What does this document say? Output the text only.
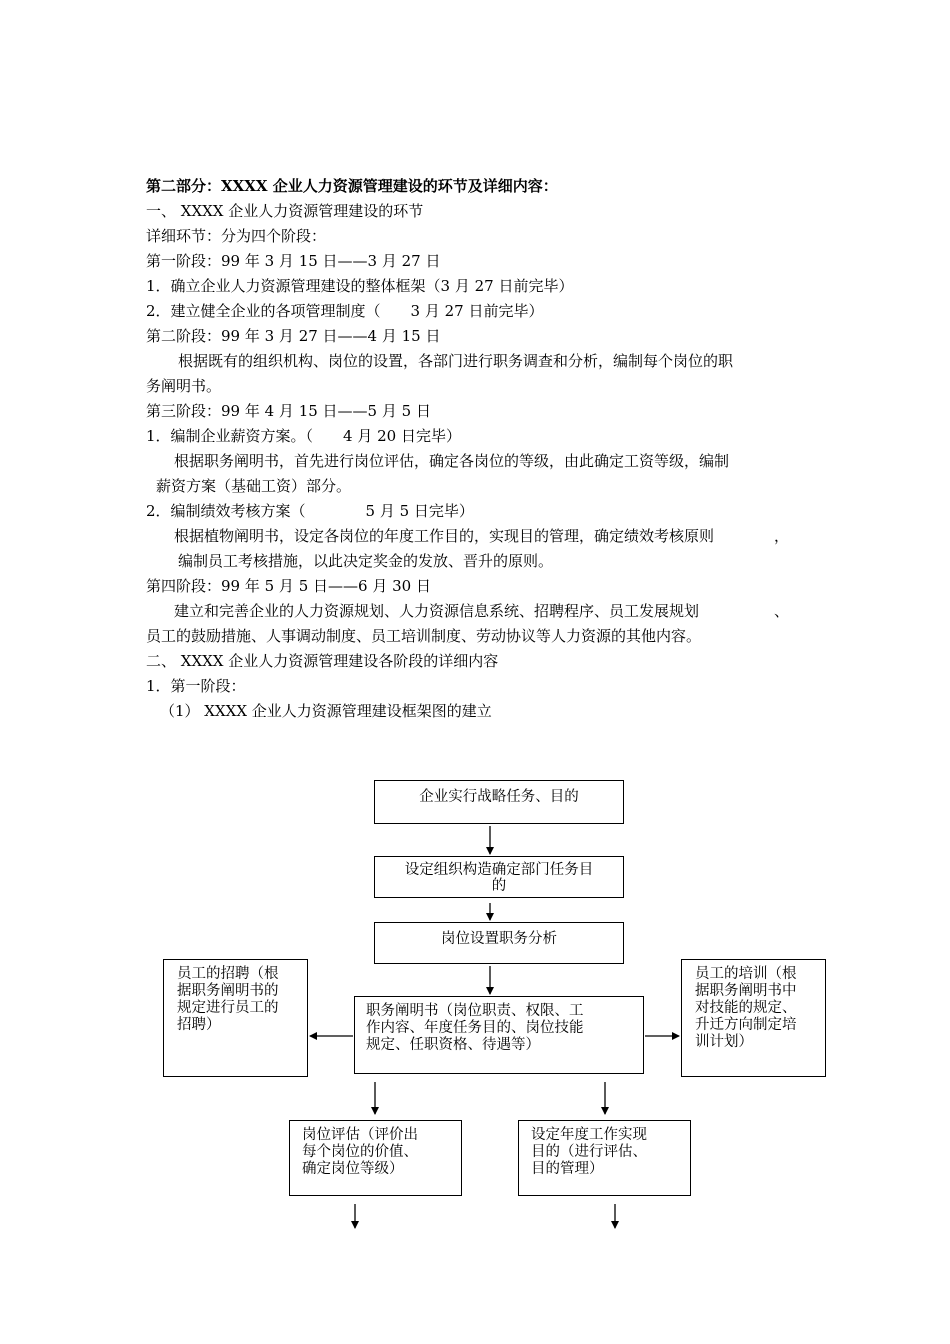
第二部分：XXXX 企业人力资源管理建设的环节及详细内容：
一、 XXXX 企业人力资源管理建设的环节
详细环节：分为四个阶段：
第一阶段：99 年 3 月 15 日——3 月 27 日
1．确立企业人力资源管理建设的整体框架（3 月 27 日前完毕）
2．建立健全企业的各项管理制度（　　3 月 27 日前完毕）
第二阶段：99 年 3 月 27 日——4 月 15 日
根据既有的组织机构、岗位的设置，各部门进行职务调查和分析，编制每个岗位的职
务阐明书。
第三阶段：99 年 4 月 15 日——5 月 5 日
1．编制企业薪资方案。（　　4 月 20 日完毕）
根据职务阐明书，首先进行岗位评估，确定各岗位的等级，由此确定工资等级，编制
薪资方案（基础工资）部分。
2．编制绩效考核方案（　　　　5 月 5 日完毕）
根据植物阐明书，设定各岗位的年度工作目的，实现目的管理，确定绩效考核原则　　　　，
编制员工考核措施，以此决定奖金的发放、晋升的原则。
第四阶段：99 年 5 月 5 日——6 月 30 日
建立和完善企业的人力资源规划、人力资源信息系统、招聘程序、员工发展规划　　　　　、
员工的鼓励措施、人事调动制度、员工培训制度、劳动协议等人力资源的其他内容。
二、 XXXX 企业人力资源管理建设各阶段的详细内容
1．第一阶段：
（1） XXXX 企业人力资源管理建设框架图的建立
企业实行战略任务、目的
设定组织构造确定部门任务目
的
岗位设置职务分析
职务阐明书（岗位职责、权限、工
作内容、年度任务目的、岗位技能
规定、任职资格、待遇等）
员工的招聘（根
据职务阐明书的
规定进行员工的
招聘）
员工的培训（根
据职务阐明书中
对技能的规定、
升迁方向制定培
训计划）
岗位评估（评价出
每个岗位的价值、
确定岗位等级）
设定年度工作实现
目的（进行评估、
目的管理）
